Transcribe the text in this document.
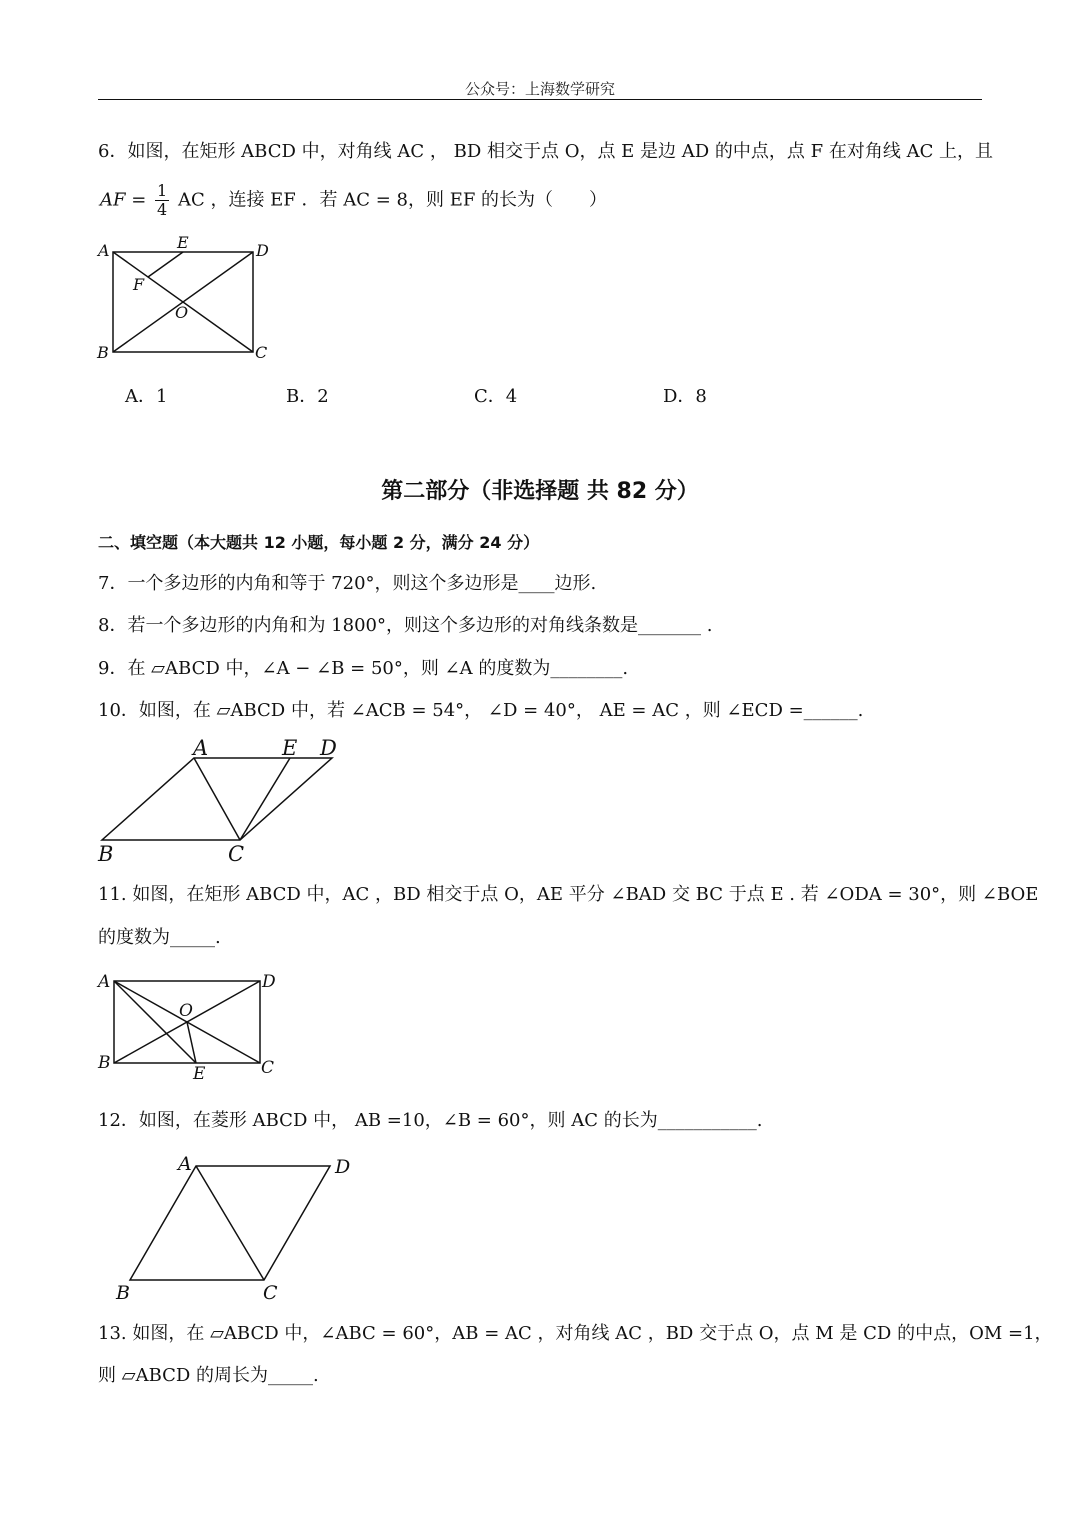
公众号：上海数学研究
6．如图，在矩形 ABCD 中，对角线 AC ， BD 相交于点 O，点 E 是边 AD 的中点，点 F 在对角线 AC 上，且
AF = $\frac{1}{4}$ AC ，连接 EF ．若 AC = 8，则 EF 的长为（　　）
A	E	D
F
O
B	C
A．1	B．2	C．4	D．8
第二部分（非选择题 共 82 分）
二、填空题（本大题共 12 小题，每小题 2 分，满分 24 分）
7．一个多边形的内角和等于 720°，则这个多边形是____边形.
8．若一个多边形的内角和为 1800°，则这个多边形的对角线条数是_______ .
9．在 ▱ABCD 中，∠A − ∠B = 50°，则 ∠A 的度数为________.
10．如图，在 ▱ABCD 中，若 ∠ACB = 54°， ∠D = 40°， AE = AC ，则 ∠ECD =______.
A	E D
B	C
11. 如图，在矩形 ABCD 中，AC ，BD 相交于点 O，AE 平分 ∠BAD 交 BC 于点 E . 若 ∠ODA = 30°，则 ∠BOE
的度数为_____.
A	D
O
B
E	C
12．如图，在菱形 ABCD 中， AB =10，∠B = 60°，则 AC 的长为___________.
A	D
B	C
13. 如图，在 ▱ABCD 中，∠ABC = 60°，AB = AC ，对角线 AC ，BD 交于点 O，点 M 是 CD 的中点，OM =1，
则 ▱ABCD 的周长为_____.
